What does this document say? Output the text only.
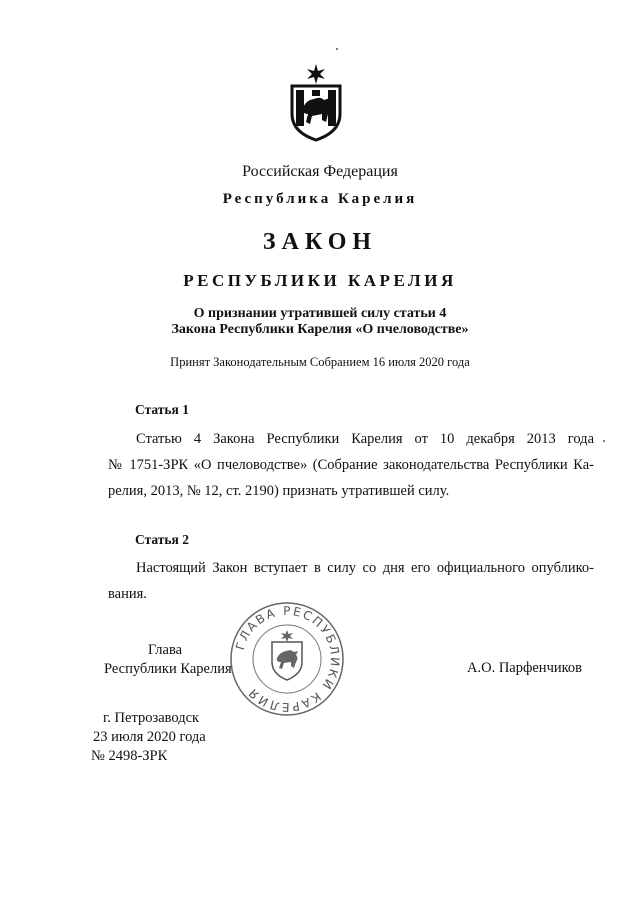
Российская Федерация
Республика Карелия
ЗАКОН
РЕСПУБЛИКИ КАРЕЛИЯ
О признании утратившей силу статьи 4
Закона Республики Карелия «О пчеловодстве»
Принят Законодательным Собранием 16 июля 2020 года
Статья 1

Статью 4 Закона Республики Карелия от 10 декабря 2013 года

№ 1751-ЗРК «О пчеловодстве» (Собрание законодательства Республики Ка-

релия, 2013, № 12, ст. 2190) признать утратившей силу.

Статья 2

Настоящий Закон вступает в силу со дня его официального опублико-

вания.

ГЛАВА РЕСПУБЛИКИ КАРЕЛИЯ
Глава
Республики Карелия	А.О. Парфенчиков
г. Петрозаводск
23 июля 2020 года
№ 2498-ЗРК
